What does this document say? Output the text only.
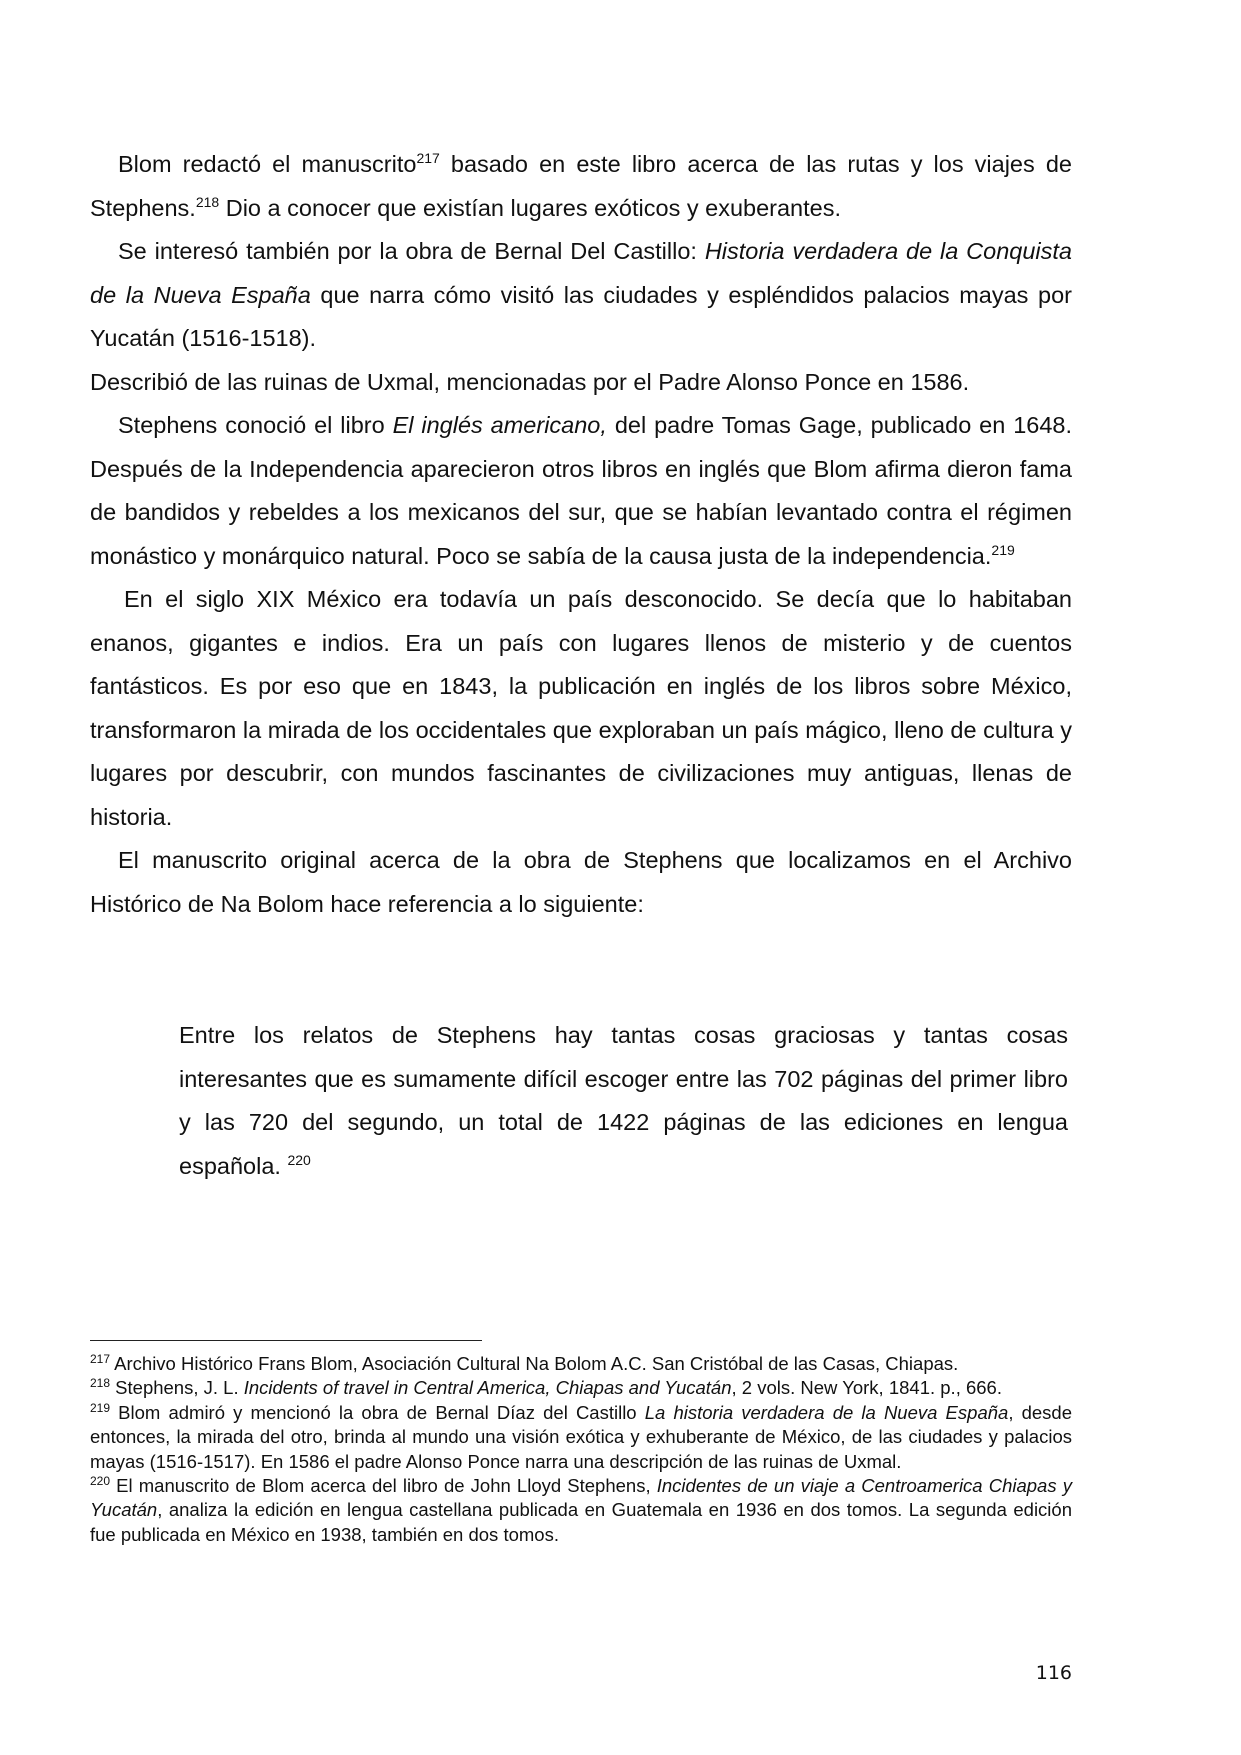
Blom redactó el manuscrito$^{217}$ basado en este libro acerca de las rutas y los viajes de Stephens.$^{218}$ Dio a conocer que existían lugares exóticos y exuberantes.

Se interesó también por la obra de Bernal Del Castillo: Historia verdadera de la Conquista de la Nueva España que narra cómo visitó las ciudades y espléndidos palacios mayas por Yucatán (1516-1518).

Describió de las ruinas de Uxmal, mencionadas por el Padre Alonso Ponce en 1586.

Stephens conoció el libro El inglés americano, del padre Tomas Gage, publicado en 1648. Después de la Independencia aparecieron otros libros en inglés que Blom afirma dieron fama de bandidos y rebeldes a los mexicanos del sur, que se habían levantado contra el régimen monástico y monárquico natural. Poco se sabía de la causa justa de la independencia.$^{219}$

En el siglo XIX México era todavía un país desconocido. Se decía que lo habitaban enanos, gigantes e indios. Era un país con lugares llenos de misterio y de cuentos fantásticos. Es por eso que en 1843, la publicación en inglés de los libros sobre México, transformaron la mirada de los occidentales que exploraban un país mágico, lleno de cultura y lugares por descubrir, con mundos fascinantes de civilizaciones muy antiguas, llenas de historia.

El manuscrito original acerca de la obra de Stephens que localizamos en el Archivo Histórico de Na Bolom hace referencia a lo siguiente:

Entre los relatos de Stephens hay tantas cosas graciosas y tantas cosas interesantes que es sumamente difícil escoger entre las 702 páginas del primer libro y las 720 del segundo, un total de 1422 páginas de las ediciones en lengua española. $^{220}$

$^{217}$ Archivo Histórico Frans Blom, Asociación Cultural Na Bolom A.C. San Cristóbal de las Casas, Chiapas.

$^{218}$ Stephens, J. L. Incidents of travel in Central America, Chiapas and Yucatán, 2 vols. New York, 1841. p., 666.

$^{219}$ Blom admiró y mencionó la obra de Bernal Díaz del Castillo La historia verdadera de la Nueva España, desde entonces, la mirada del otro, brinda al mundo una visión exótica y exhuberante de México, de las ciudades y palacios mayas (1516-1517). En 1586 el padre Alonso Ponce narra una descripción de las ruinas de Uxmal.

$^{220}$ El manuscrito de Blom acerca del libro de John Lloyd Stephens, Incidentes de un viaje a Centroamerica Chiapas y Yucatán, analiza la edición en lengua castellana publicada en Guatemala en 1936 en dos tomos. La segunda edición fue publicada en México en 1938, también en dos tomos.

116
